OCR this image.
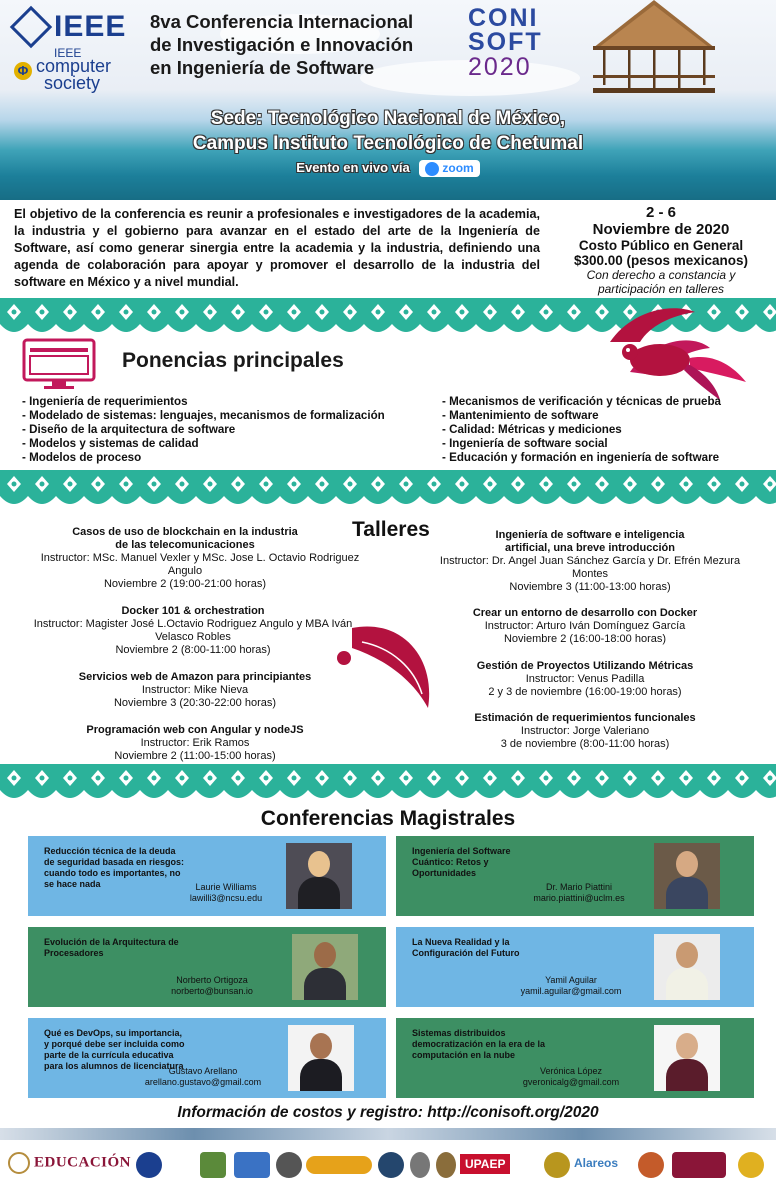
IEEE
IEEE
Φ computer
society
8va Conferencia Internacional
de Investigación e Innovación
en Ingeniería de Software
CONI
SOFT
2020
Sede: Tecnológico Nacional de México,
Campus Instituto Tecnológico de Chetumal
Evento en vivo vía	zoom

El objetivo de la conferencia es reunir a profesionales e investigadores de la academia, la industria y el gobierno para avanzar en el estado del arte de la Ingeniería de Software, así como generar sinergia entre la academia y la industria, definiendo una agenda de colaboración para apoyar y promover el desarrollo de la industria del software en México y a nivel mundial.

2 - 6
Noviembre de 2020
Costo Público en General
$300.00 (pesos mexicanos)
Con derecho a constancia y
participación en talleres
Ponencias principales
- Ingeniería de requerimientos
- Modelado de sistemas: lenguajes, mecanismos de formalización
- Diseño de la arquitectura de software
- Modelos y sistemas de calidad
- Modelos de proceso
- Mecanismos de verificación y técnicas de prueba
- Mantenimiento de software
- Calidad: Métricas y mediciones
- Ingeniería de software social
- Educación y formación en ingeniería de software
Talleres
Casos de uso de blockchain en la industria
de las telecomunicaciones
Instructor: MSc. Manuel Vexler y MSc. Jose L. Octavio Rodriguez
Angulo
Noviembre 2 (19:00-21:00 horas)
Docker 101 & orchestration
Instructor: Magister José L.Octavio Rodriguez Angulo y MBA Iván
Velasco Robles
Noviembre 2 (8:00-11:00 horas)
Servicios web de Amazon para principiantes
Instructor: Mike Nieva
Noviembre 3 (20:30-22:00 horas)
Programación web con Angular y nodeJS
Instructor: Erik Ramos
Noviembre 2 (11:00-15:00 horas)
Ingeniería de software e inteligencia
artificial, una breve introducción
Instructor: Dr. Angel Juan Sánchez García y Dr. Efrén Mezura
Montes
Noviembre 3 (11:00-13:00 horas)
Crear un entorno de desarrollo con Docker
Instructor: Arturo Iván Domínguez García
Noviembre 2 (16:00-18:00 horas)
Gestión de Proyectos Utilizando Métricas
Instructor: Venus Padilla
2 y 3 de noviembre (16:00-19:00 horas)
Estimación de requerimientos funcionales
Instructor: Jorge Valeriano
3 de noviembre (8:00-11:00 horas)
Conferencias Magistrales
Reducción técnica de la deuda
de seguridad basada en riesgos:
cuando todo es importantes, no
se hace nada	Laurie Williams
lawilli3@ncsu.edu
Ingeniería del Software
Cuántico: Retos y
Oportunidades
Dr. Mario Piattini
mario.piattini@uclm.es
Evolución de la Arquitectura de
Procesadores
Norberto Ortigoza
norberto@bunsan.io
La Nueva Realidad y la
Configuración del Futuro
Yamil Aguilar
yamil.aguilar@gmail.com
Qué es DevOps, su importancia,
y porqué debe ser incluida como
parte de la currícula educativa
para los alumnos de licenciatura
Gustavo Arellano
arellano.gustavo@gmail.com
Sistemas distribuidos
democratización en la era de la
computación en la nube
Verónica López
gveronicalg@gmail.com
Información de costos y registro: http://conisoft.org/2020
EDUCACIÓN	UPAEP	Alareos
